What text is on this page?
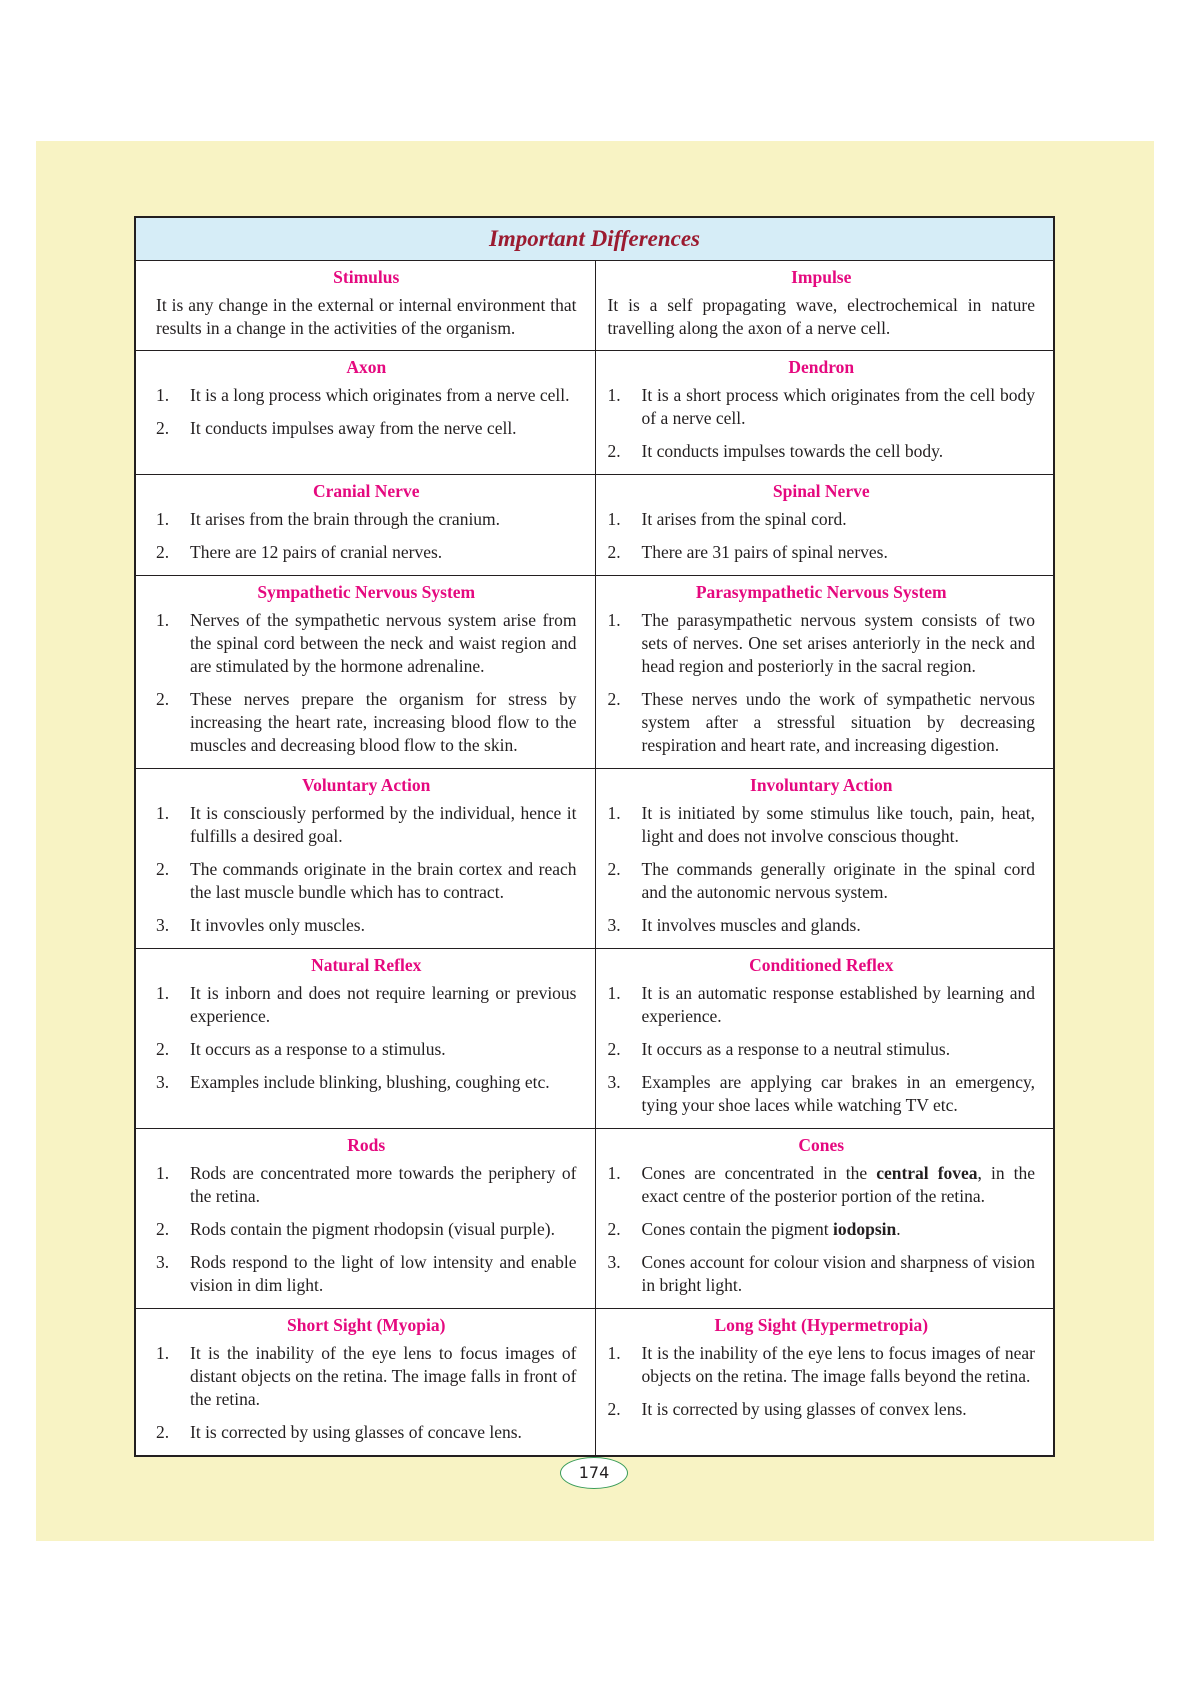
Important Differences
Stimulus
It is any change in the external or internal environment that results in a change in the activities of the organism.
Impulse
It is a self propagating wave, electrochemical in nature travelling along the axon of a nerve cell.
Axon
1. It is a long process which originates from a nerve cell.
2. It conducts impulses away from the nerve cell.
Dendron
1. It is a short process which originates from the cell body of a nerve cell.
2. It conducts impulses towards the cell body.
Cranial Nerve
1. It arises from the brain through the cranium.
2. There are 12 pairs of cranial nerves.
Spinal Nerve
1. It arises from the spinal cord.
2. There are 31 pairs of spinal nerves.
Sympathetic Nervous System
1. Nerves of the sympathetic nervous system arise from the spinal cord between the neck and waist region and are stimulated by the hormone adrenaline.
2. These nerves prepare the organism for stress by increasing the heart rate, increasing blood flow to the muscles and decreasing blood flow to the skin.
Parasympathetic Nervous System
1. The parasympathetic nervous system consists of two sets of nerves. One set arises anteriorly in the neck and head region and posteriorly in the sacral region.
2. These nerves undo the work of sympathetic nervous system after a stressful situation by decreasing respiration and heart rate, and increasing digestion.
Voluntary Action
1. It is consciously performed by the individual, hence it fulfills a desired goal.
2. The commands originate in the brain cortex and reach the last muscle bundle which has to contract.
3. It invovles only muscles.
Involuntary Action
1. It is initiated by some stimulus like touch, pain, heat, light and does not involve conscious thought.
2. The commands generally originate in the spinal cord and the autonomic nervous system.
3. It involves muscles and glands.
Natural Reflex
1. It is inborn and does not require learning or previous experience.
2. It occurs as a response to a stimulus.
3. Examples include blinking, blushing, coughing etc.
Conditioned Reflex
1. It is an automatic response established by learning and experience.
2. It occurs as a response to a neutral stimulus.
3. Examples are applying car brakes in an emergency, tying your shoe laces while watching TV etc.
Rods
1. Rods are concentrated more towards the periphery of the retina.
2. Rods contain the pigment rhodopsin (visual purple).
3. Rods respond to the light of low intensity and enable vision in dim light.
Cones
1. Cones are concentrated in the central fovea, in the exact centre of the posterior portion of the retina.
2. Cones contain the pigment iodopsin.
3. Cones account for colour vision and sharpness of vision in bright light.
Short Sight (Myopia)
1. It is the inability of the eye lens to focus images of distant objects on the retina. The image falls in front of the retina.
2. It is corrected by using glasses of concave lens.
Long Sight (Hypermetropia)
1. It is the inability of the eye lens to focus images of near objects on the retina. The image falls beyond the retina.
2. It is corrected by using glasses of convex lens.
174
